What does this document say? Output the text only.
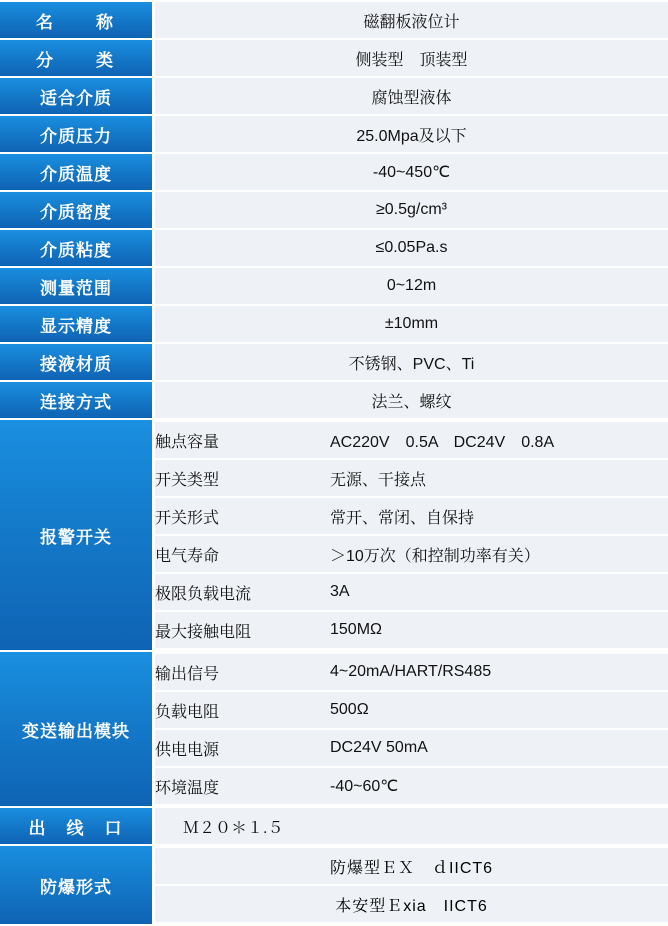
名　　称		磁翻板液位计
分　　类		侧装型　顶装型
适合介质		腐蚀型液体
介质压力		25.0Mpa及以下
介质温度		-40~450℃
介质密度		≥0.5g/cm³
介质粘度		≤0.05Pa.s
测量范围		0~12m
显示精度		±10mm
接液材质		不锈钢、PVC、Ti
连接方式		法兰、螺纹
报警开关		
触点容量	AC220V　0.5A　DC24V　0.8A
开关类型	无源、干接点
开关形式	常开、常闭、自保持
电气寿命	＞10万次（和控制功率有关）
极限负载电流	3A
最大接触电阻	150MΩ

变送输出模块		
输出信号	4~20mA/HART/RS485
负载电阻	500Ω
供电电源	DC24V 50mA
环境温度	-40~60℃

出　线　口		Ｍ２０＊１.５
防爆形式		
防爆型ＥＸ　ｄIICT6
本安型Ｅxia　IICT6
